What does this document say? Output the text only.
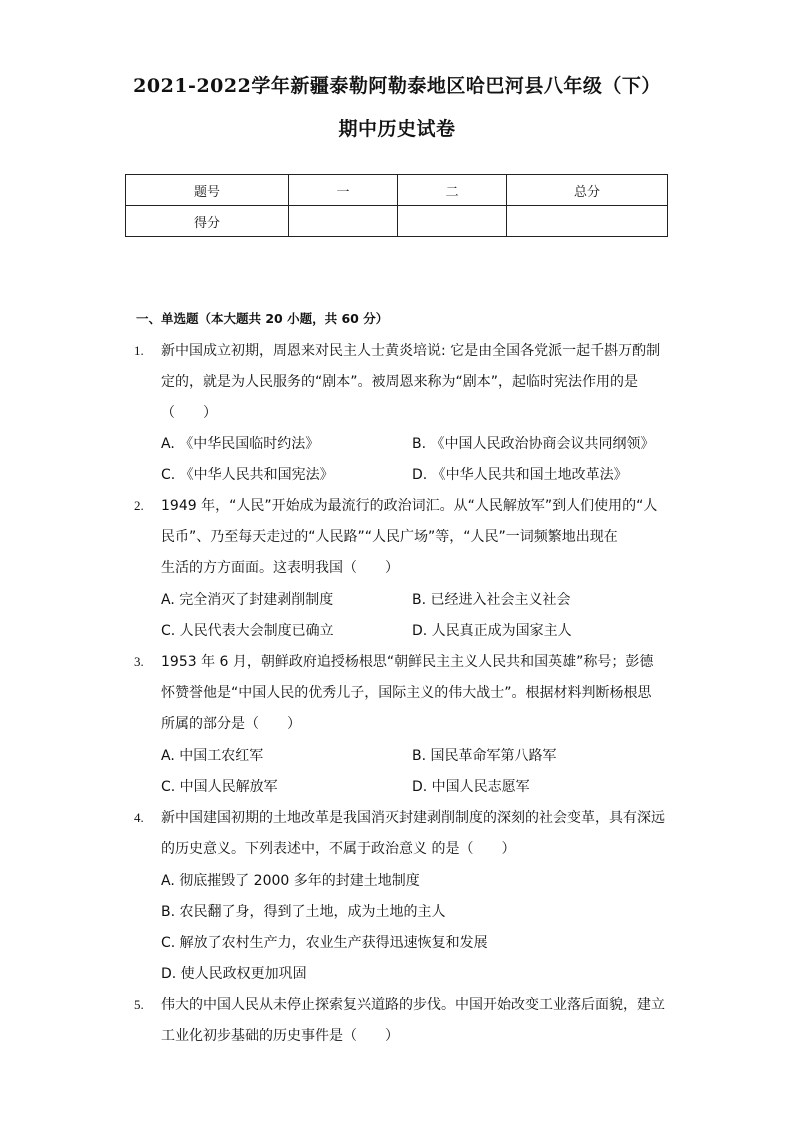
2021-2022学年新疆泰勒阿勒泰地区哈巴河县八年级（下）
期中历史试卷
题号	一	二	总分
得分			
一、单选题（本大题共 20 小题，共 60 分）
1. 新中国成立初期，周恩来对民主人士黄炎培说: 它是由全国各党派一起千斟万酌制
定的，就是为人民服务的“剧本”。被周恩来称为“剧本”，起临时宪法作用的是
（　　）
A. 《中华民国临时约法》	B. 《中国人民政治协商会议共同纲领》
C. 《中华人民共和国宪法》	D. 《中华人民共和国土地改革法》
2. 1949 年，“人民”开始成为最流行的政治词汇。从“人民解放军”到人们使用的“人
民币”、乃至每天走过的“人民路”“人民广场”等，“人民”一词频繁地出现在
生活的方方面面。这表明我国（　　）
A. 完全消灭了封建剥削制度	B. 已经进入社会主义社会
C. 人民代表大会制度已确立	D. 人民真正成为国家主人
3. 1953 年 6 月，朝鲜政府追授杨根思“朝鲜民主主义人民共和国英雄”称号；彭德
怀赞誉他是“中国人民的优秀儿子，国际主义的伟大战士”。根据材料判断杨根思
所属的部分是（　　）
A. 中国工农红军	B. 国民革命军第八路军
C. 中国人民解放军	D. 中国人民志愿军
4. 新中国建国初期的土地改革是我国消灭封建剥削制度的深刻的社会变革，具有深远
的历史意义。下列表述中，不属于政治意义 的是（　　）
A. 彻底摧毁了 2000 多年的封建土地制度
B. 农民翻了身，得到了土地，成为土地的主人
C. 解放了农村生产力，农业生产获得迅速恢复和发展
D. 使人民政权更加巩固
5. 伟大的中国人民从未停止探索复兴道路的步伐。中国开始改变工业落后面貌，建立
工业化初步基础的历史事件是（　　）
